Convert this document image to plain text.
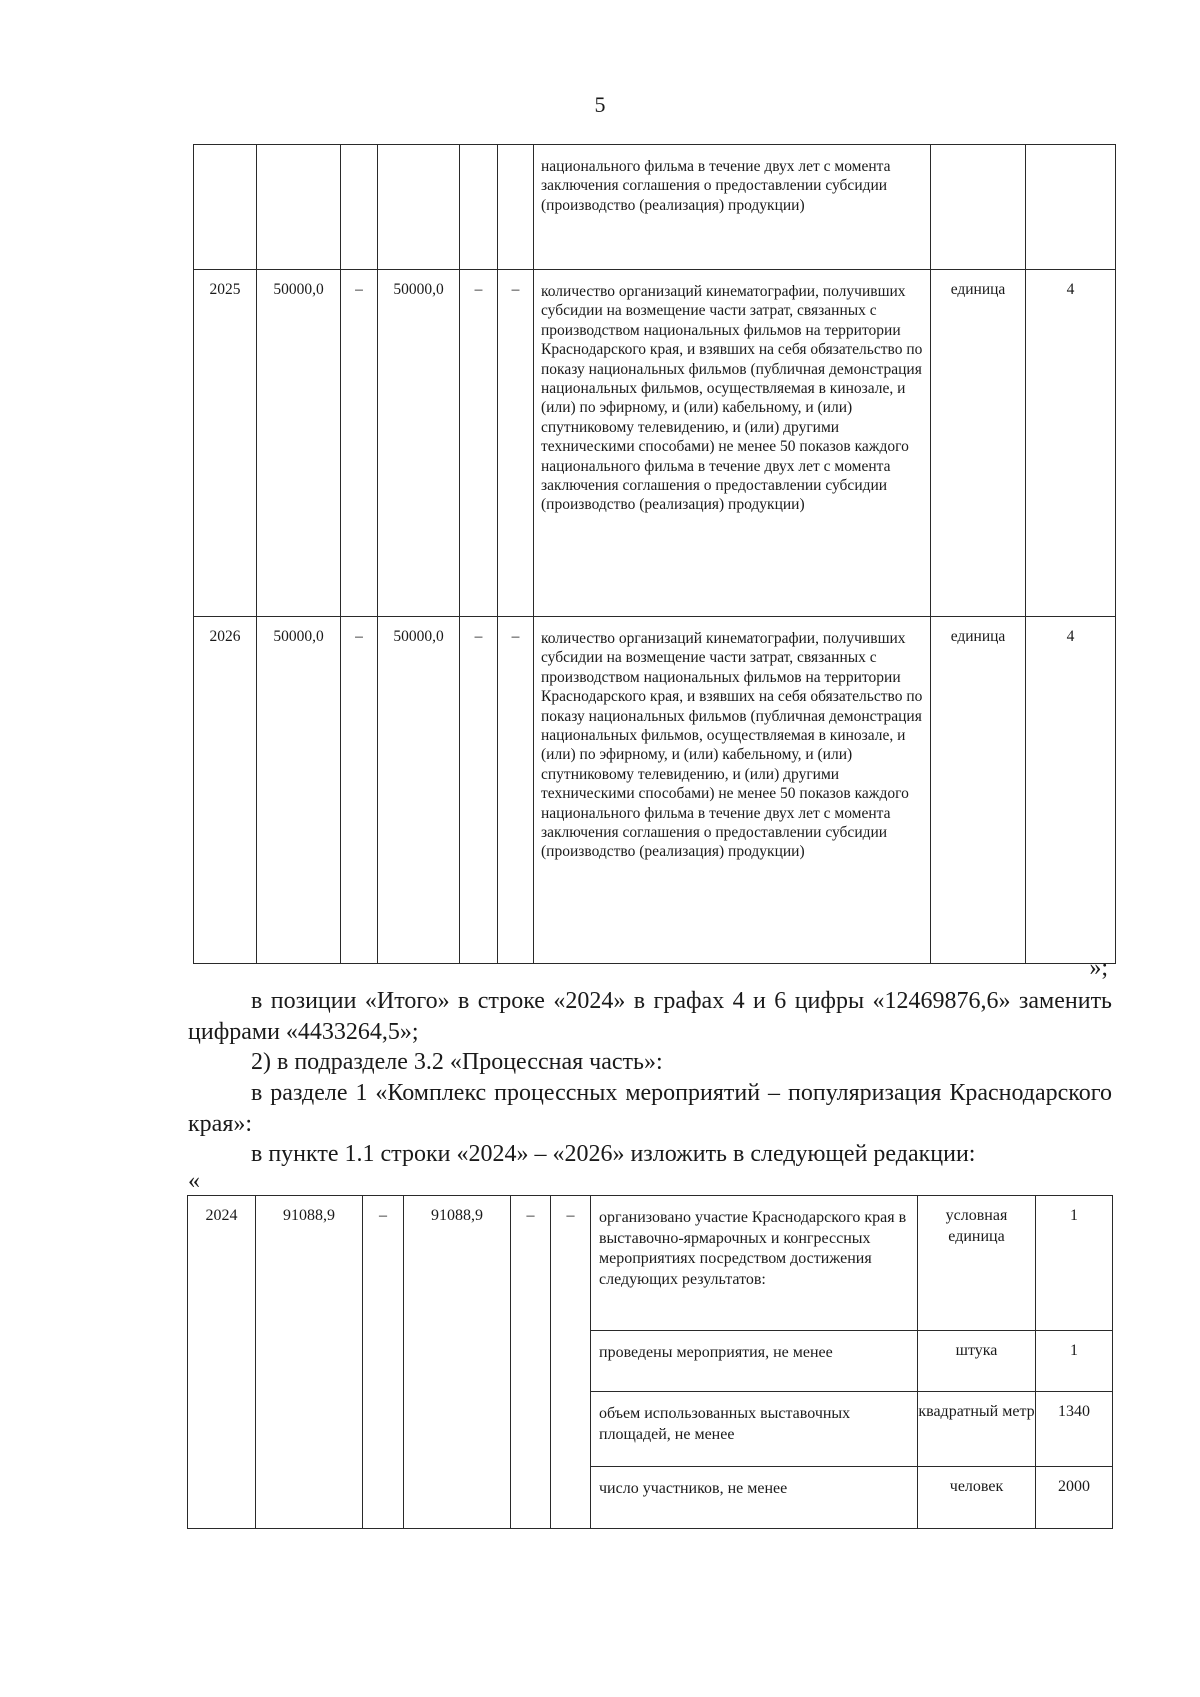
5
						национального фильма в течение двух лет с момента заключения соглашения о предоставлении субсидии (производство (реализация) продукции)		
2025	50000,0	–	50000,0	–	–	количество организаций кинематографии, получивших субсидии на возмещение части затрат, связанных с производством национальных фильмов на территории Краснодарского края, и взявших на себя обязательство по показу национальных фильмов (публичная демонстрация национальных фильмов, осуществляемая в кинозале, и (или) по эфирному, и (или) кабельному, и (или) спутниковому телевидению, и (или) другими техническими способами) не менее 50 показов каждого национального фильма в течение двух лет с момента заключения соглашения о предоставлении субсидии (производство (реализация) продукции)	единица	4
2026	50000,0	–	50000,0	–	–	количество организаций кинематографии, получивших субсидии на возмещение части затрат, связанных с производством национальных фильмов на территории Краснодарского края, и взявших на себя обязательство по показу национальных фильмов (публичная демонстрация национальных фильмов, осуществляемая в кинозале, и (или) по эфирному, и (или) кабельному, и (или) спутниковому телевидению, и (или) другими техническими способами) не менее 50 показов каждого национального фильма в течение двух лет с момента заключения соглашения о предоставлении субсидии (производство (реализация) продукции)	единица	4
»;
в позиции «Итого» в строке «2024» в графах 4 и 6 цифры «12469876,6» заменить цифрами «4433264,5»;
2) в подразделе 3.2 «Процессная часть»:
в разделе 1 «Комплекс процессных мероприятий – популяризация Краснодарского края»:
в пункте 1.1 строки «2024» – «2026» изложить в следующей редакции:
«
2024	91088,9	–	91088,9	–	–	организовано участие Краснодарского края в выставочно-ярмарочных и конгрессных мероприятиях посредством достижения следующих результатов:	условная единица	1
						проведены мероприятия, не менее	штука	1
						объем использованных выставочных площадей, не менее	квадратный метр	1340
						число участников, не менее	человек	2000
